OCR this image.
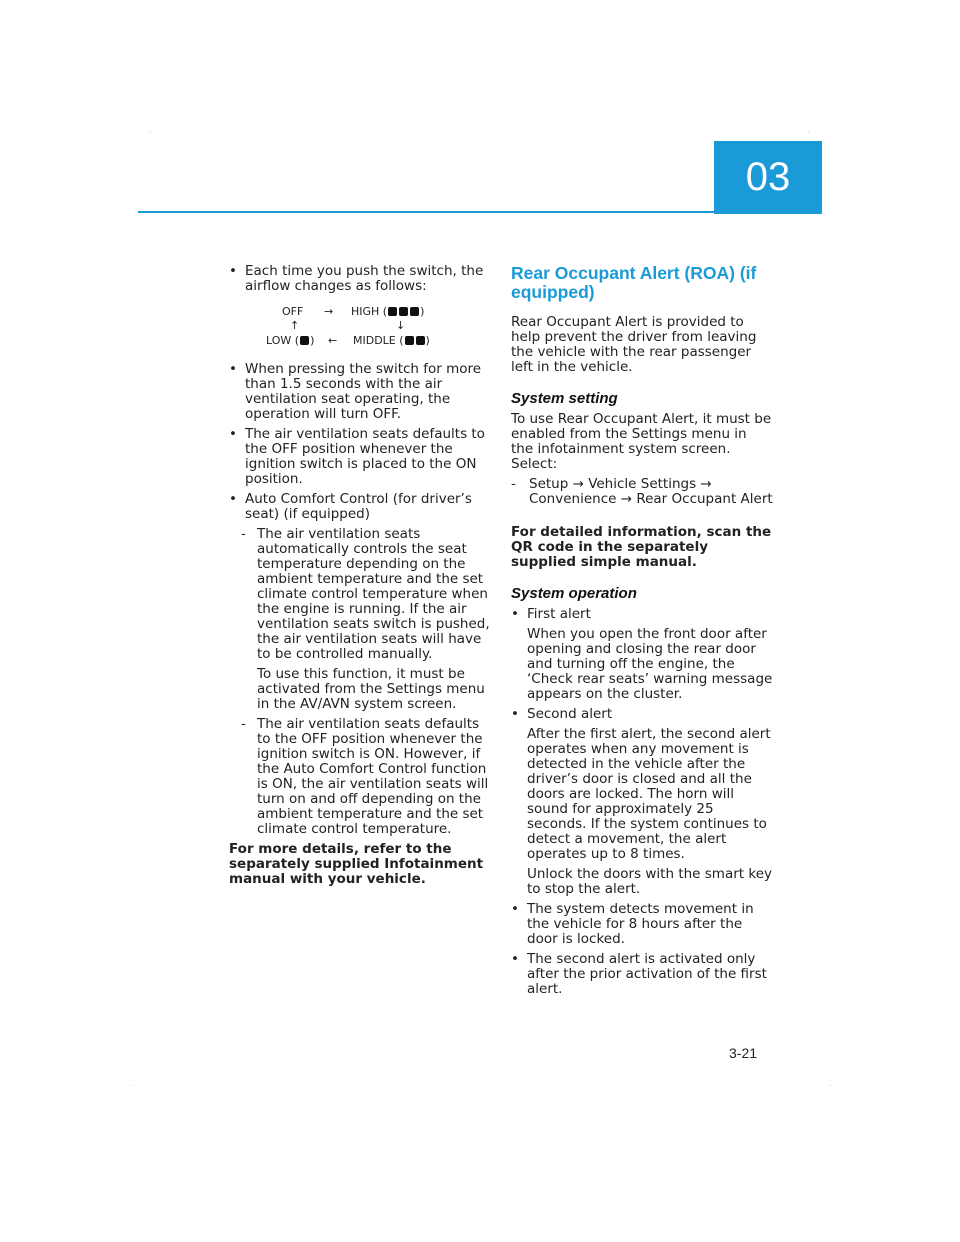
03
• Each time you push the switch, the airflow changes as follows:
OFF → HIGH (	)
↑	↓
LOW ( ) ← MIDDLE ( )
• When pressing the switch for more than 1.5 seconds with the air ventilation seat operating, the operation will turn OFF.
• The air ventilation seats defaults to the OFF position whenever the ignition switch is placed to the ON position.
• Auto Comfort Control (for driver’s seat) (if equipped)
- The air ventilation seats automatically controls the seat temperature depending on the ambient temperature and the set climate control temperature when the engine is running. If the air ventilation seats switch is pushed, the air ventilation seats will have to be controlled manually.
To use this function, it must be activated from the Settings menu in the AV/AVN system screen.
- The air ventilation seats defaults to the OFF position whenever the ignition switch is ON. However, if the Auto Comfort Control function is ON, the air ventilation seats will turn on and off depending on the ambient temperature and the set climate control temperature.
For more details, refer to the separately supplied Infotainment manual with your vehicle.
Rear Occupant Alert (ROA) (if equipped)
Rear Occupant Alert is provided to help prevent the driver from leaving the vehicle with the rear passenger left in the vehicle.
System setting
To use Rear Occupant Alert, it must be enabled from the Settings menu in the infotainment system screen. Select:
- Setup → Vehicle Settings → Convenience → Rear Occupant Alert
For detailed information, scan the QR code in the separately supplied simple manual.
System operation
• First alert
When you open the front door after opening and closing the rear door and turning off the engine, the ‘Check rear seats’ warning message appears on the cluster.
• Second alert
After the first alert, the second alert operates when any movement is detected in the vehicle after the driver’s door is closed and all the doors are locked. The horn will sound for approximately 25 seconds. If the system continues to detect a movement, the alert operates up to 8 times.
Unlock the doors with the smart key to stop the alert.
• The system detects movement in the vehicle for 8 hours after the door is locked.
• The second alert is activated only after the prior activation of the first alert.
3-21
